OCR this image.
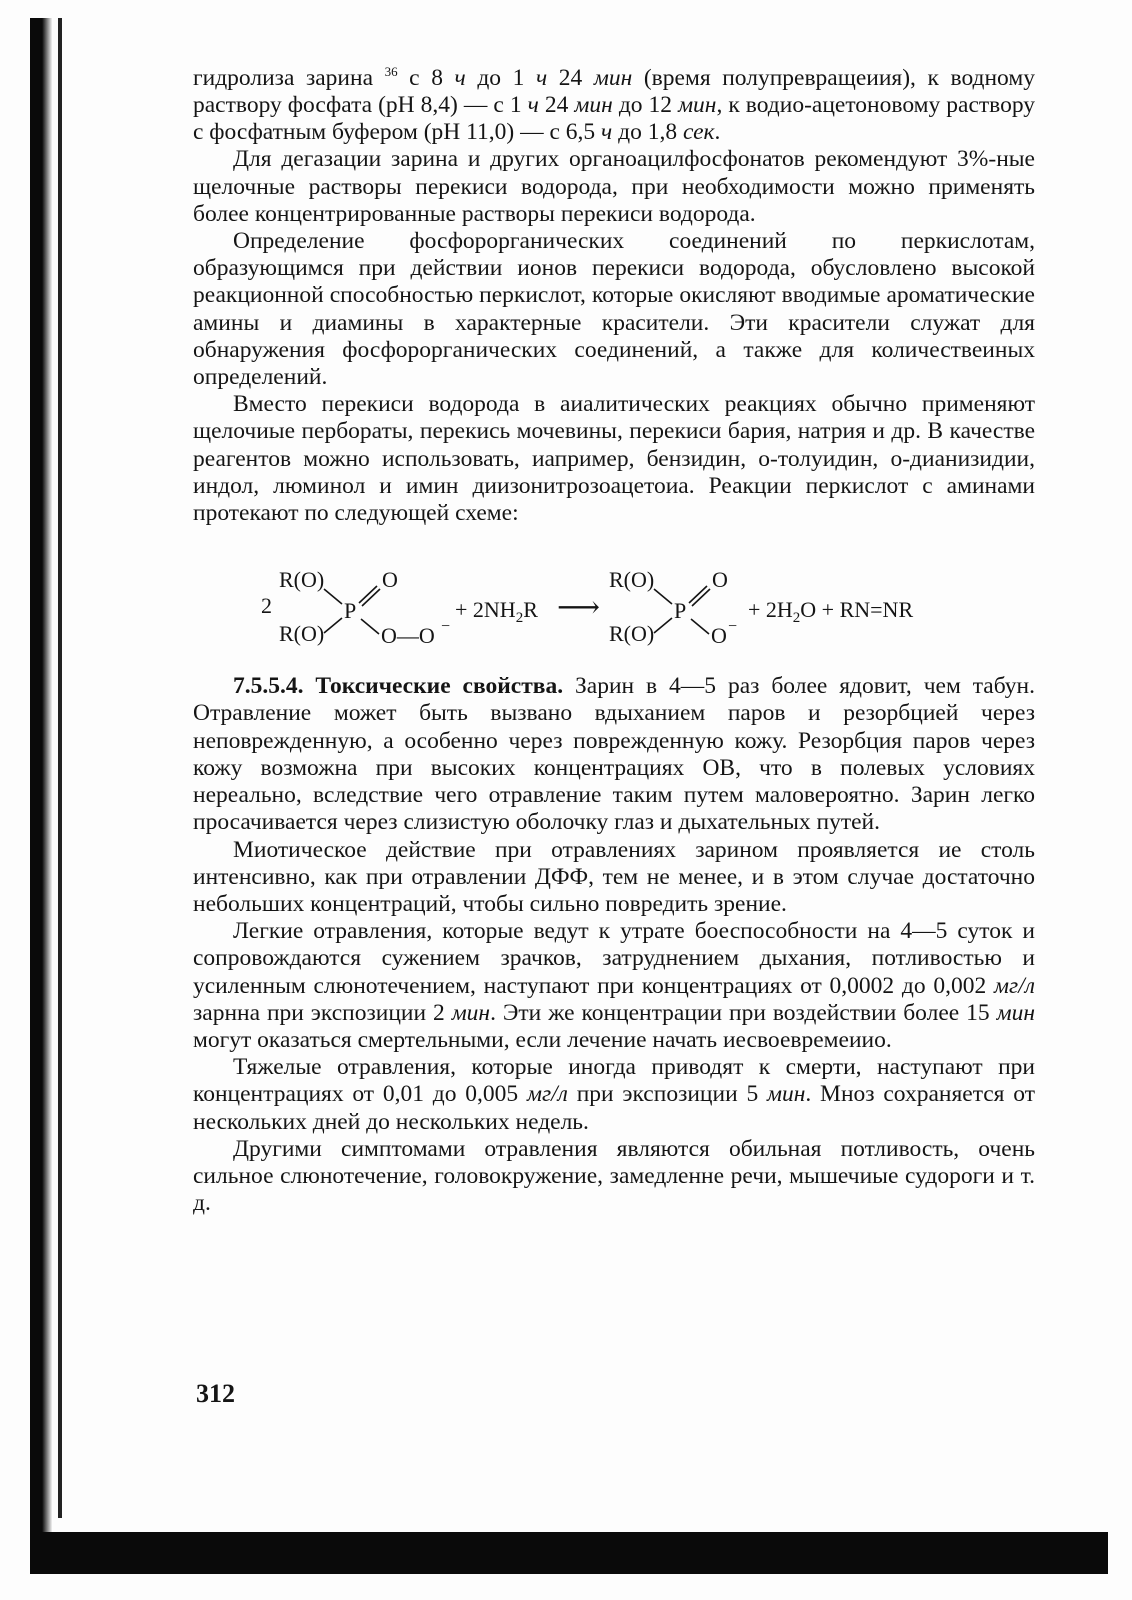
гидролиза зарина $^{36}$ с 8 ч до 1 ч 24 мин (время полупревращеиия), к водному раствору фосфата (pH 8,4) — с 1 ч 24 мин до 12 мин, к водио-ацетоновому раствору с фосфатным буфером (pH 11,0) — с 6,5 ч до 1,8 сек.

Для дегазации зарина и других органоацилфосфонатов рекомендуют 3%-ные щелочные растворы перекиси водорода, при необходимости можно применять более концентрированные растворы перекиси водорода.

Определение фосфорорганических соединений по перкислотам, образующимся при действии ионов перекиси водорода, обусловлено высокой реакционной способностью перкислот, которые окисляют вводимые ароматические амины и диамины в характерные красители. Эти красители служат для обнаружения фосфорорганических соединений, а также для количествеиных определений.

Вместо перекиси водорода в аиалитических реакциях обычно применяют щелочиые пербораты, перекись мочевины, перекиси бария, натрия и др. В качестве реагентов можно использовать, иапример, бензидин, о-толуидин, о-дианизидии, индол, люминол и имин диизонитрозоацетоиа. Реакции перкислот с аминами протекают по следующей схеме:

2
R(O)
R(O)
P
O
O—O −
+ $2NH_2R$ ⟶
R(O)
R(O)
P
O
O −
+ $2H_2O + RN=NR$

7.5.5.4. Токсические свойства. Зарин в 4—5 раз более ядовит, чем табун. Отравление может быть вызвано вдыханием паров и резорбцией через неповрежденную, а особенно через поврежденную кожу. Резорбция паров через кожу возможна при высоких концентрациях ОВ, что в полевых условиях нереально, вследствие чего отравление таким путем маловероятно. Зарин легко просачивается через слизистую оболочку глаз и дыхательных путей.

Миотическое действие при отравлениях зарином проявляется ие столь интенсивно, как при отравлении ДФФ, тем не менее, и в этом случае достаточно небольших концентраций, чтобы сильно повредить зрение.

Легкие отравления, которые ведут к утрате боеспособности на 4—5 суток и сопровождаются сужением зрачков, затруднением дыхания, потливостью и усиленным слюнотечением, наступают при концентрациях от 0,0002 до 0,002 мг/л зарнна при экспозиции 2 мин. Эти же концентрации при воздействии более 15 мин могут оказаться смертельными, если лечение начать иесвоевремеиио.

Тяжелые отравления, которые иногда приводят к смерти, наступают при концентрациях от 0,01 до 0,005 мг/л при экспозиции 5 мин. Мноз сохраняется от нескольких дней до нескольких недель.

Другими симптомами отравления являются обильная потливость, очень сильное слюнотечение, головокружение, замедленне речи, мышечиые судороги и т. д.

312
